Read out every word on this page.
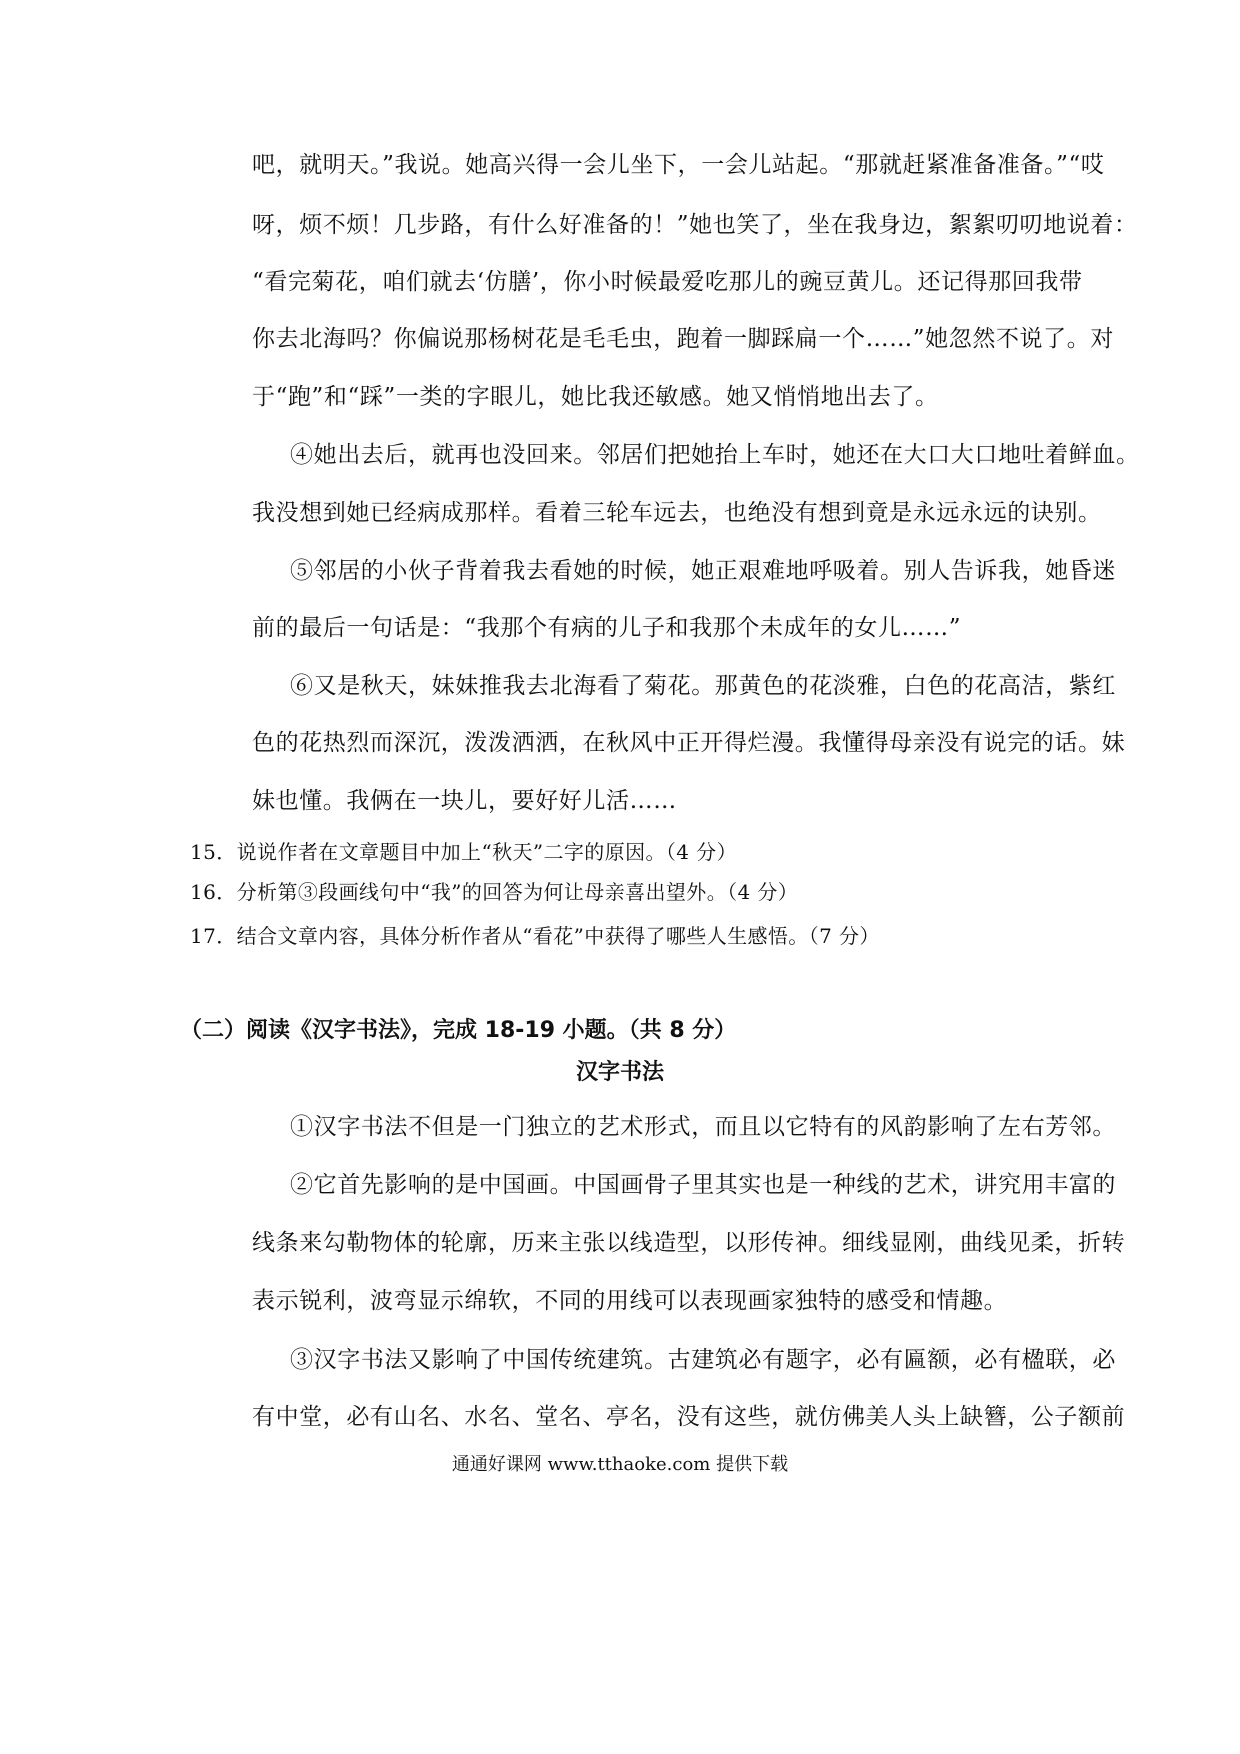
吧，就明天。”我说。她高兴得一会儿坐下，一会儿站起。“那就赶紧准备准备。”“哎
呀，烦不烦！几步路，有什么好准备的！”她也笑了，坐在我身边，絮絮叨叨地说着：
“看完菊花，咱们就去‘仿膳’，你小时候最爱吃那儿的豌豆黄儿。还记得那回我带
你去北海吗？你偏说那杨树花是毛毛虫，跑着一脚踩扁一个……”她忽然不说了。对
于“跑”和“踩”一类的字眼儿，她比我还敏感。她又悄悄地出去了。
④她出去后，就再也没回来。邻居们把她抬上车时，她还在大口大口地吐着鲜血。
我没想到她已经病成那样。看着三轮车远去，也绝没有想到竟是永远永远的诀别。
⑤邻居的小伙子背着我去看她的时候，她正艰难地呼吸着。别人告诉我，她昏迷
前的最后一句话是：“我那个有病的儿子和我那个未成年的女儿……”
⑥又是秋天，妹妹推我去北海看了菊花。那黄色的花淡雅，白色的花高洁，紫红
色的花热烈而深沉，泼泼洒洒，在秋风中正开得烂漫。我懂得母亲没有说完的话。妹
妹也懂。我俩在一块儿，要好好儿活……
15．说说作者在文章题目中加上“秋天”二字的原因。（4 分）
16．分析第③段画线句中“我”的回答为何让母亲喜出望外。（4 分）
17．结合文章内容，具体分析作者从“看花”中获得了哪些人生感悟。（7 分）
（二）阅读《汉字书法》，完成 18-19 小题。（共 8 分）
汉字书法
①汉字书法不但是一门独立的艺术形式，而且以它特有的风韵影响了左右芳邻。
②它首先影响的是中国画。中国画骨子里其实也是一种线的艺术，讲究用丰富的
线条来勾勒物体的轮廓，历来主张以线造型，以形传神。细线显刚，曲线见柔，折转
表示锐利，波弯显示绵软，不同的用线可以表现画家独特的感受和情趣。
③汉字书法又影响了中国传统建筑。古建筑必有题字，必有匾额，必有楹联，必
有中堂，必有山名、水名、堂名、亭名，没有这些，就仿佛美人头上缺簪，公子额前
通通好课网 www.tthaoke.com 提供下载
